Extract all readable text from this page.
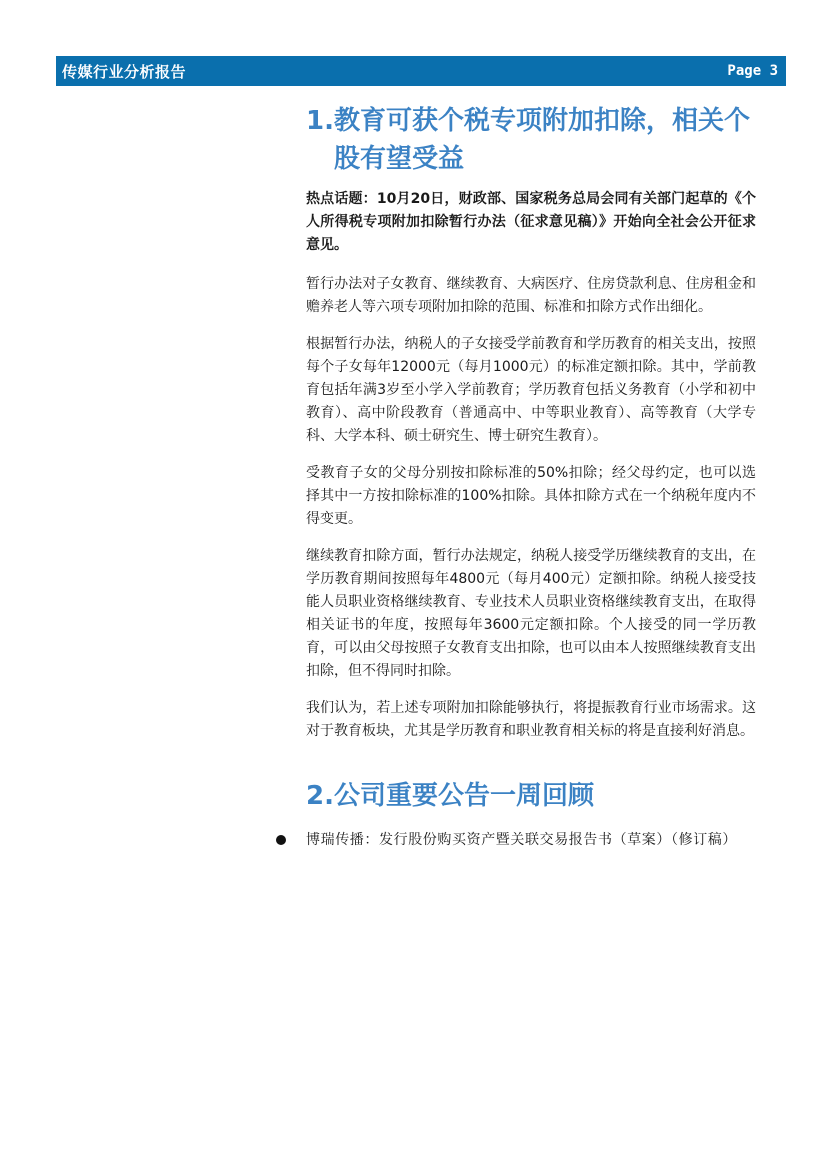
传媒行业分析报告	Page 3
1. 教育可获个税专项附加扣除，相关个股有望受益

热点话题：10月20日，财政部、国家税务总局会同有关部门起草的《个人所得税专项附加扣除暂行办法（征求意见稿）》开始向全社会公开征求意见。

暂行办法对子女教育、继续教育、大病医疗、住房贷款利息、住房租金和赡养老人等六项专项附加扣除的范围、标准和扣除方式作出细化。

根据暂行办法，纳税人的子女接受学前教育和学历教育的相关支出，按照每个子女每年12000元（每月1000元）的标准定额扣除。其中，学前教育包括年满3岁至小学入学前教育；学历教育包括义务教育（小学和初中教育）、高中阶段教育（普通高中、中等职业教育）、高等教育（大学专科、大学本科、硕士研究生、博士研究生教育）。

受教育子女的父母分别按扣除标准的50%扣除；经父母约定，也可以选择其中一方按扣除标准的100%扣除。具体扣除方式在一个纳税年度内不得变更。

继续教育扣除方面，暂行办法规定，纳税人接受学历继续教育的支出，在学历教育期间按照每年4800元（每月400元）定额扣除。纳税人接受技能人员职业资格继续教育、专业技术人员职业资格继续教育支出，在取得相关证书的年度，按照每年3600元定额扣除。个人接受的同一学历教育，可以由父母按照子女教育支出扣除，也可以由本人按照继续教育支出扣除，但不得同时扣除。

我们认为，若上述专项附加扣除能够执行，将提振教育行业市场需求。这对于教育板块，尤其是学历教育和职业教育相关标的将是直接利好消息。

2. 公司重要公告一周回顾
博瑞传播：发行股份购买资产暨关联交易报告书（草案）（修订稿）
